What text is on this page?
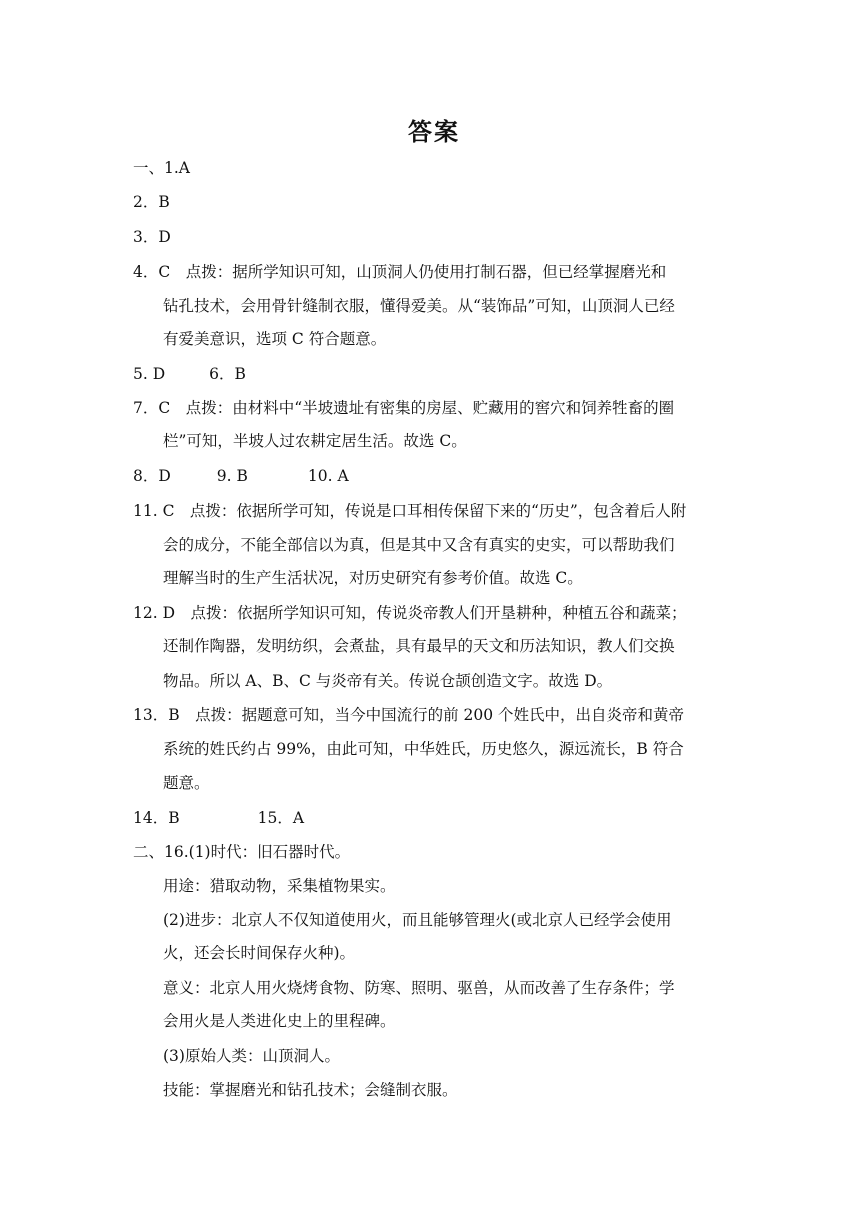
答案
一、1.A
2．B
3．D
4．C　点拨：据所学知识可知，山顶洞人仍使用打制石器，但已经掌握磨光和
钻孔技术，会用骨针缝制衣服，懂得爱美。从“装饰品”可知，山顶洞人已经
有爱美意识，选项 C 符合题意。
5. D	6．B
7．C　点拨：由材料中“半坡遗址有密集的房屋、贮藏用的窖穴和饲养牲畜的圈
栏”可知，半坡人过农耕定居生活。故选 C。
8．D	9. B	10. A
11. C　点拨：依据所学可知，传说是口耳相传保留下来的“历史”，包含着后人附
会的成分，不能全部信以为真，但是其中又含有真实的史实，可以帮助我们
理解当时的生产生活状况，对历史研究有参考价值。故选 C。
12. D　点拨：依据所学知识可知，传说炎帝教人们开垦耕种，种植五谷和蔬菜；
还制作陶器，发明纺织，会煮盐，具有最早的天文和历法知识，教人们交换
物品。所以 A、B、C 与炎帝有关。传说仓颉创造文字。故选 D。
13．B　点拨：据题意可知，当今中国流行的前 200 个姓氏中，出自炎帝和黄帝
系统的姓氏约占 99%，由此可知，中华姓氏，历史悠久，源远流长，B 符合
题意。
14．B	15．A
二、16.(1)时代：旧石器时代。
用途：猎取动物，采集植物果实。
(2)进步：北京人不仅知道使用火，而且能够管理火(或北京人已经学会使用
火，还会长时间保存火种)。
意义：北京人用火烧烤食物、防寒、照明、驱兽，从而改善了生存条件；学
会用火是人类进化史上的里程碑。
(3)原始人类：山顶洞人。
技能：掌握磨光和钻孔技术；会缝制衣服。
